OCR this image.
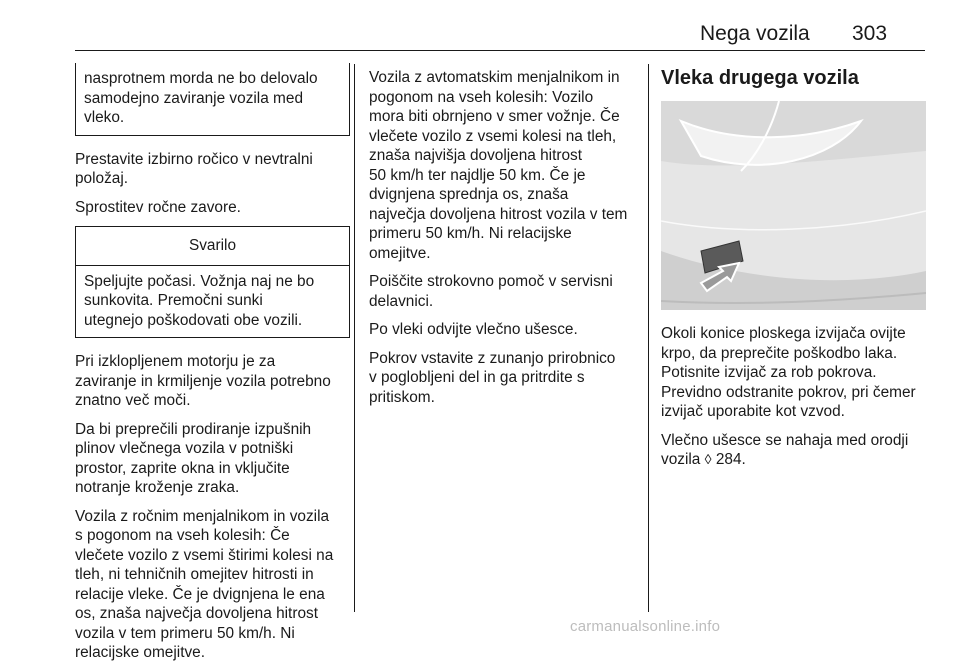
Nega vozila 303
nasprotnem morda ne bo delovalo
samodejno zaviranje vozila med
vleko.

Prestavite izbirno ročico v nevtralni
položaj.

Sprostitev ročne zavore.

Svarilo
Speljujte počasi. Vožnja naj ne bo
sunkovita. Premočni sunki
utegnejo poškodovati obe vozili.

Pri izklopljenem motorju je za
zaviranje in krmiljenje vozila potrebno
znatno več moči.

Da bi preprečili prodiranje izpušnih
plinov vlečnega vozila v potniški
prostor, zaprite okna in vključite
notranje kroženje zraka.

Vozila z ročnim menjalnikom in vozila
s pogonom na vseh kolesih: Če
vlečete vozilo z vsemi štirimi kolesi na
tleh, ni tehničnih omejitev hitrosti in
relacije vleke. Če je dvignjena le ena
os, znaša največja dovoljena hitrost
vozila v tem primeru 50 km/h. Ni
relacijske omejitve.

Vozila z avtomatskim menjalnikom in
pogonom na vseh kolesih: Vozilo
mora biti obrnjeno v smer vožnje. Če
vlečete vozilo z vsemi kolesi na tleh,
znaša najvišja dovoljena hitrost
50 km/h ter najdlje 50 km. Če je
dvignjena sprednja os, znaša
največja dovoljena hitrost vozila v tem
primeru 50 km/h. Ni relacijske
omejitve.

Poiščite strokovno pomoč v servisni
delavnici.

Po vleki odvijte vlečno ušesce.

Pokrov vstavite z zunanjo prirobnico
v poglobljeni del in ga pritrdite s
pritiskom.

Vleka drugega vozila

Okoli konice ploskega izvijača ovijte
krpo, da preprečite poškodbo laka.
Potisnite izvijač za rob pokrova.
Previdno odstranite pokrov, pri čemer
izvijač uporabite kot vzvod.

Vlečno ušesce se nahaja med orodji
vozila ◊ 284.

carmanualsonline.info
